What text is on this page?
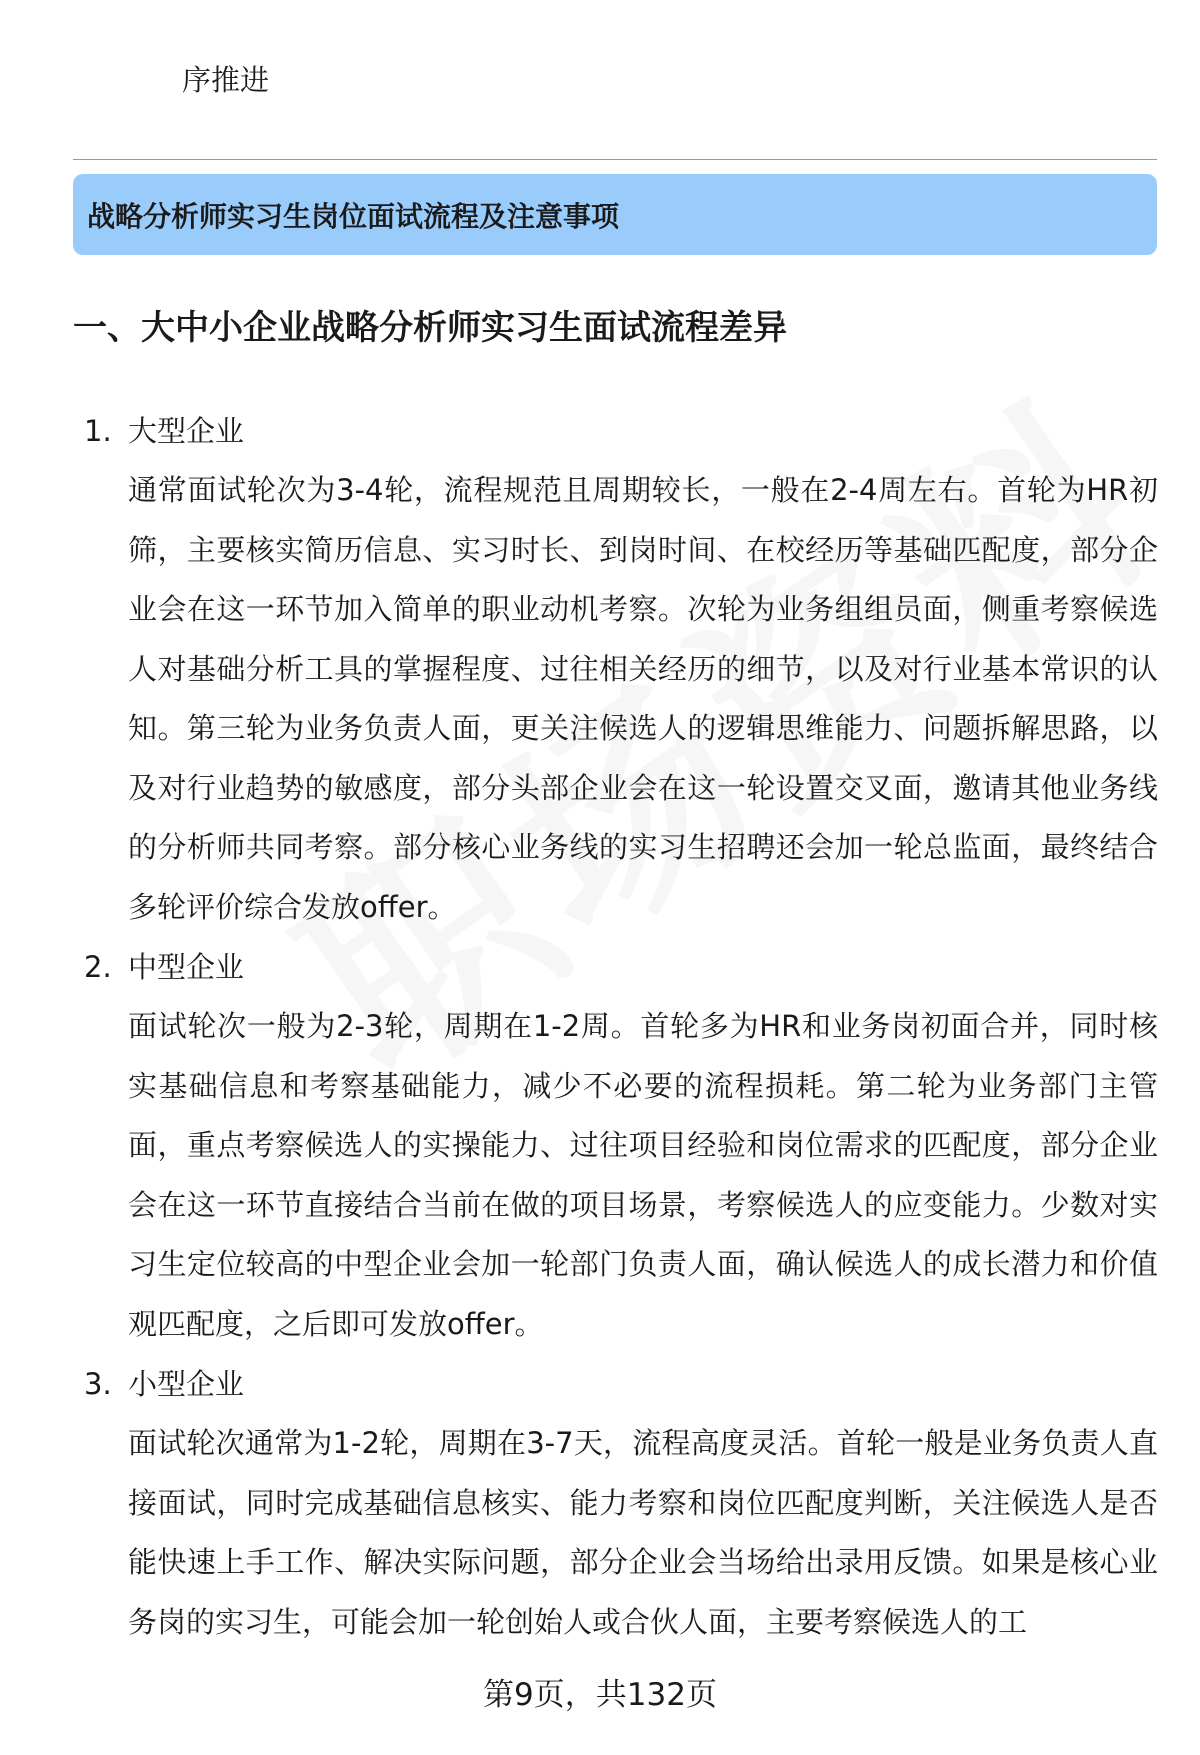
序推进
战略分析师实习生岗位面试流程及注意事项
一、大中小企业战略分析师实习生面试流程差异
1. 大型企业
通常面试轮次为3-4轮，流程规范且周期较长，一般在2-4周左右。首轮为HR初筛，主要核实简历信息、实习时长、到岗时间、在校经历等基础匹配度，部分企业会在这一环节加入简单的职业动机考察。次轮为业务组组员面，侧重考察候选人对基础分析工具的掌握程度、过往相关经历的细节，以及对行业基本常识的认知。第三轮为业务负责人面，更关注候选人的逻辑思维能力、问题拆解思路，以及对行业趋势的敏感度，部分头部企业会在这一轮设置交叉面，邀请其他业务线的分析师共同考察。部分核心业务线的实习生招聘还会加一轮总监面，最终结合多轮评价综合发放offer。
2. 中型企业
面试轮次一般为2-3轮，周期在1-2周。首轮多为HR和业务岗初面合并，同时核实基础信息和考察基础能力，减少不必要的流程损耗。第二轮为业务部门主管面，重点考察候选人的实操能力、过往项目经验和岗位需求的匹配度，部分企业会在这一环节直接结合当前在做的项目场景，考察候选人的应变能力。少数对实习生定位较高的中型企业会加一轮部门负责人面，确认候选人的成长潜力和价值观匹配度，之后即可发放offer。
3. 小型企业
面试轮次通常为1-2轮，周期在3-7天，流程高度灵活。首轮一般是业务负责人直接面试，同时完成基础信息核实、能力考察和岗位匹配度判断，关注候选人是否能快速上手工作、解决实际问题，部分企业会当场给出录用反馈。如果是核心业务岗的实习生，可能会加一轮创始人或合伙人面，主要考察候选人的工
第9页，共132页
